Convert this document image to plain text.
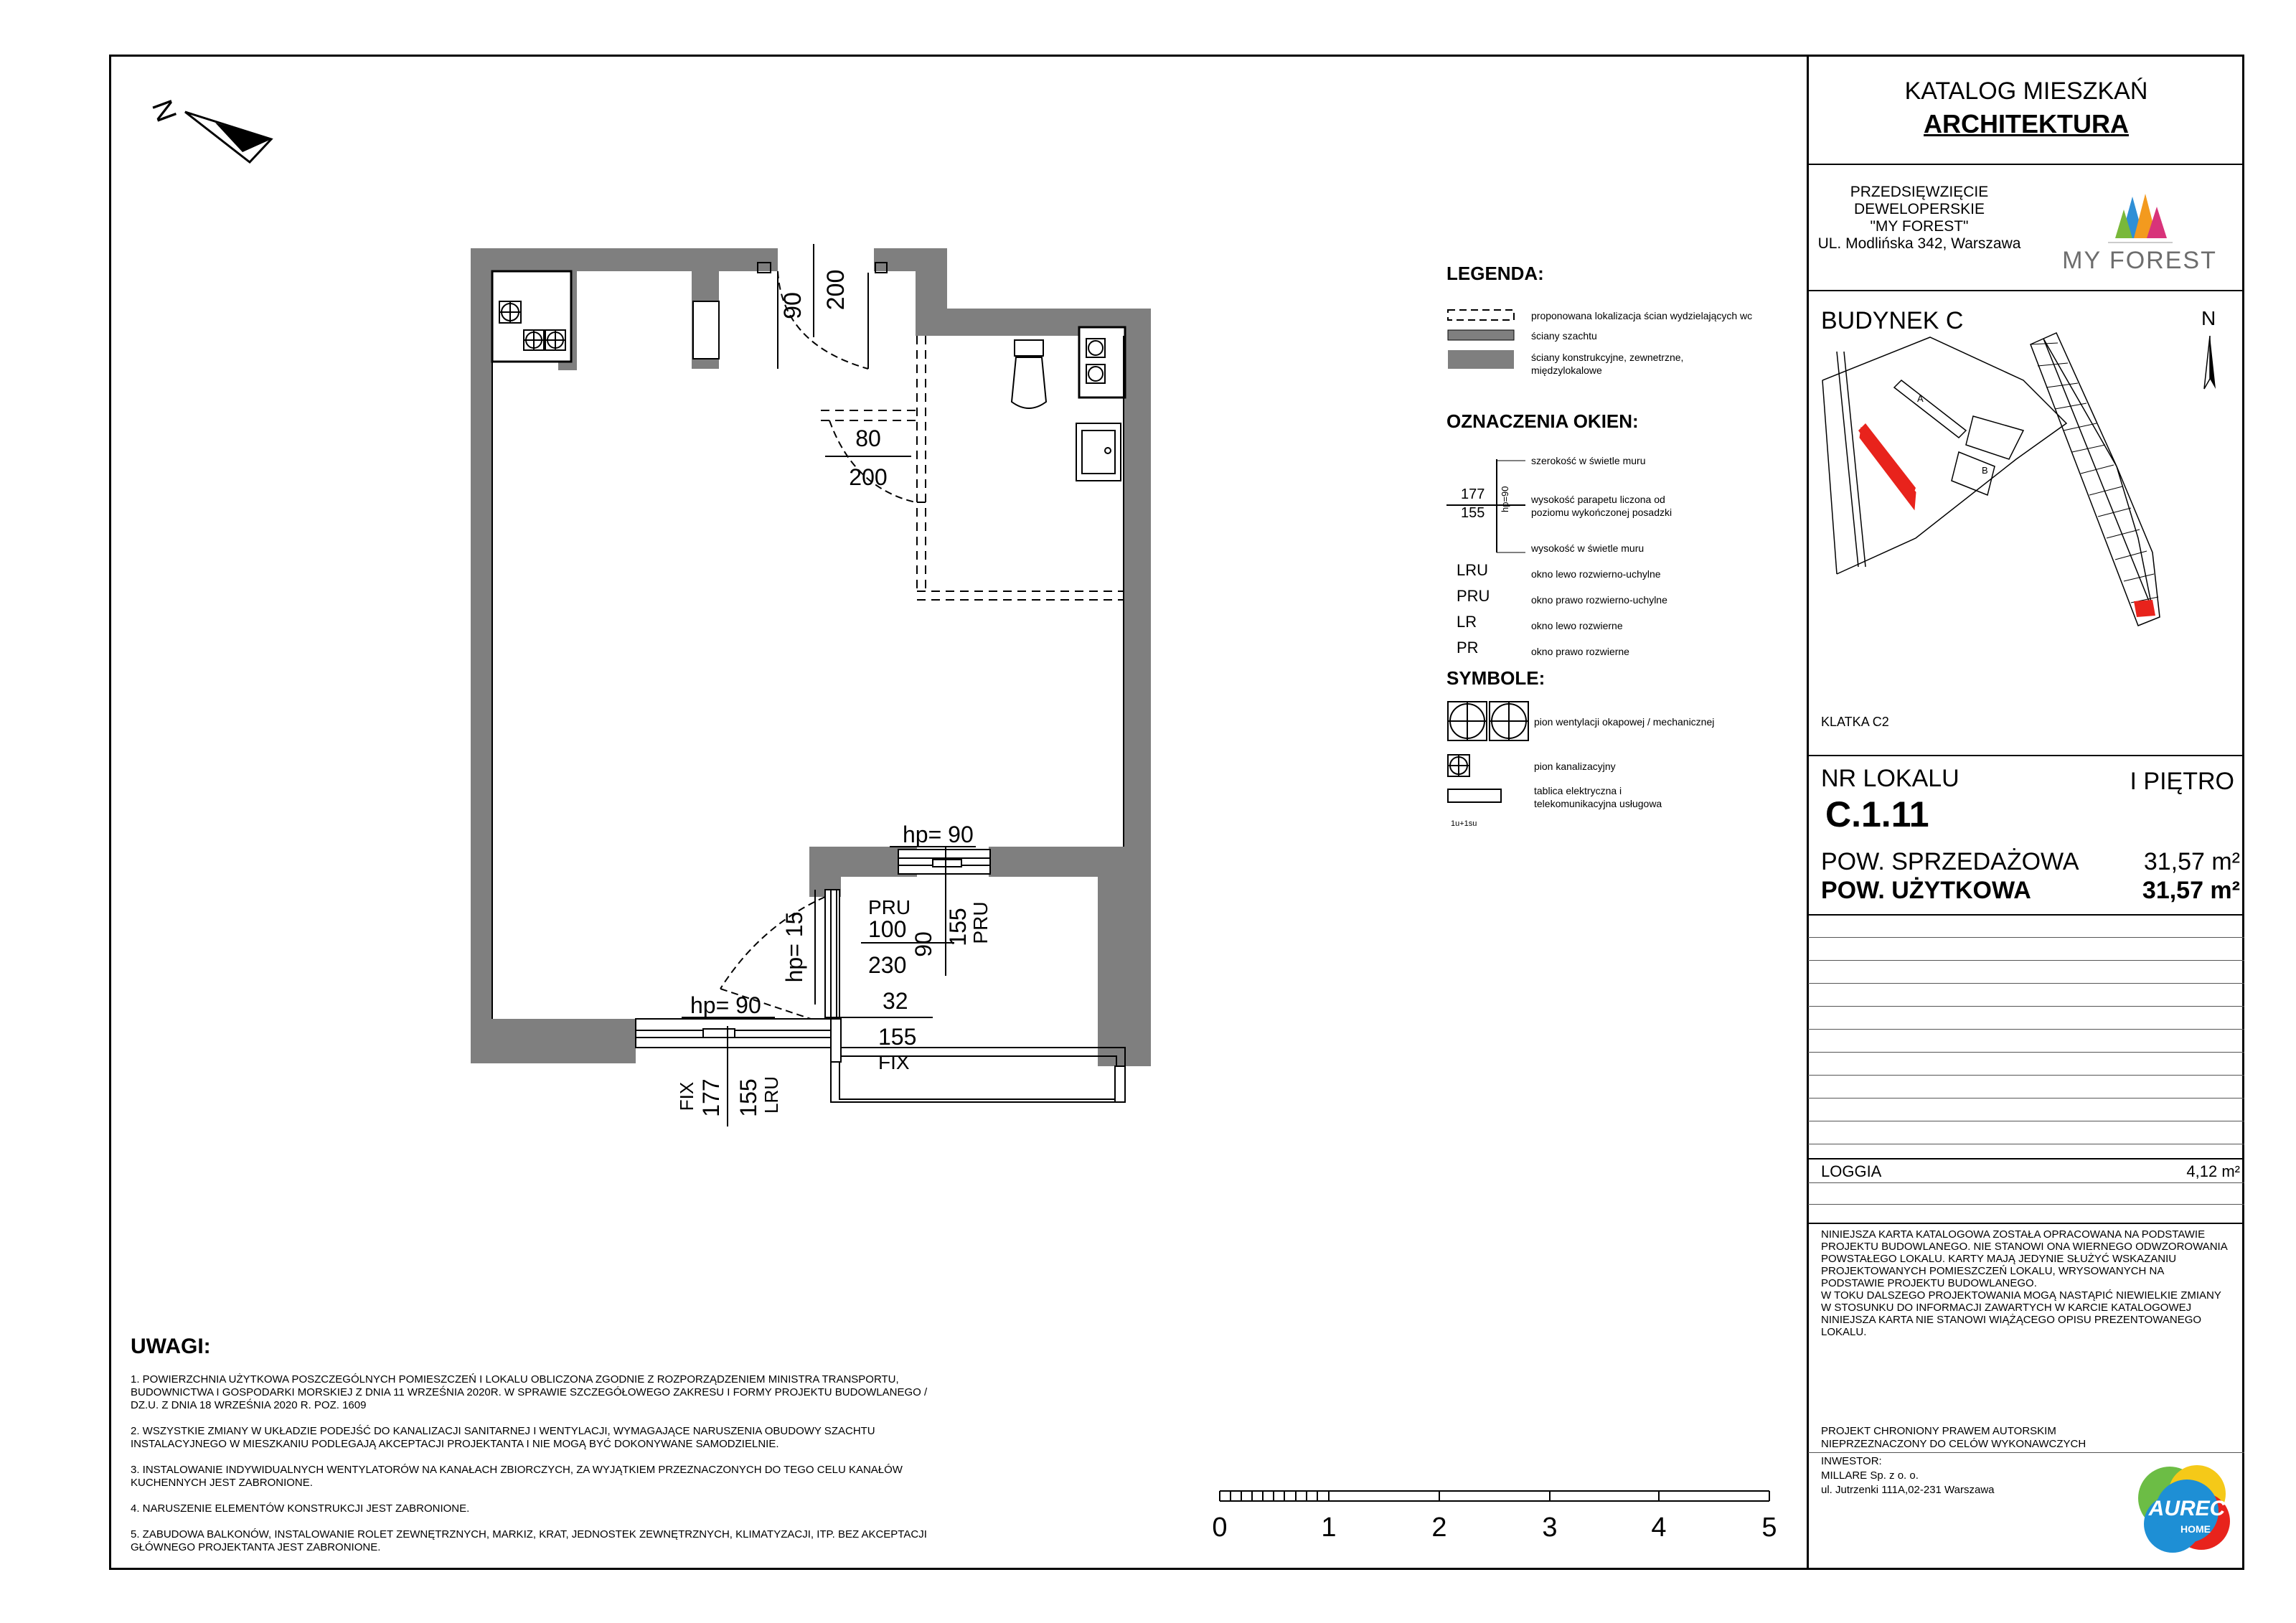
N
90 200
80
200
hp= 90
PRU
100
230
90 155
PRU
hp= 15
hp= 90	32
155
FIX
FIX 177 155 LRU
LEGENDA:
proponowana lokalizacja ścian wydzielających wc
ściany szachtu
ściany konstrukcyjne, zewnetrzne,
międzylokalowe
OZNACZENIA OKIEN:
177
155
hp=90
szerokość w świetle muru
wysokość parapetu liczona od
poziomu wykończonej posadzki
wysokość w świetle muru
LRU	okno lewo rozwierno-uchylne
PRU	okno prawo rozwierno-uchylne
LR	okno lewo rozwierne
PR	okno prawo rozwierne
SYMBOLE:
1u+1su
pion wentylacji okapowej / mechanicznej
pion kanalizacyjny
tablica elektryczna i
telekomunikacyjna usługowa
UWAGI:
1. POWIERZCHNIA UŻYTKOWA POSZCZEGÓLNYCH POMIESZCZEŃ I LOKALU OBLICZONA ZGODNIE Z ROZPORZĄDZENIEM MINISTRA TRANSPORTU, BUDOWNICTWA I GOSPODARKI MORSKIEJ Z DNIA 11 WRZEŚNIA 2020R. W SPRAWIE SZCZEGÓŁOWEGO ZAKRESU I FORMY PROJEKTU BUDOWLANEGO / DZ.U. Z DNIA 18 WRZEŚNIA 2020 R. POZ. 1609
2. WSZYSTKIE ZMIANY W UKŁADZIE PODEJŚĆ DO KANALIZACJI SANITARNEJ I WENTYLACJI, WYMAGAJĄCE NARUSZENIA OBUDOWY SZACHTU INSTALACYJNEGO W MIESZKANIU PODLEGAJĄ AKCEPTACJI PROJEKTANTA I NIE MOGĄ BYĆ DOKONYWANE SAMODZIELNIE.
3. INSTALOWANIE INDYWIDUALNYCH WENTYLATORÓW NA KANAŁACH ZBIORCZYCH, ZA WYJĄTKIEM PRZEZNACZONYCH DO TEGO CELU KANAŁÓW KUCHENNYCH JEST ZABRONIONE.
4. NARUSZENIE ELEMENTÓW KONSTRUKCJI JEST ZABRONIONE.
5. ZABUDOWA BALKONÓW, INSTALOWANIE ROLET ZEWNĘTRZNYCH, MARKIZ, KRAT, JEDNOSTEK ZEWNĘTRZNYCH, KLIMATYZACJI, ITP. BEZ AKCEPTACJI GŁÓWNEGO PROJEKTANTA JEST ZABRONIONE.
0	1	2	3	4	5
KATALOG MIESZKAŃ
ARCHITEKTURA
PRZEDSIĘWZIĘCIE
DEWELOPERSKIE
"MY FOREST"
UL. Modlińska 342, Warszawa
MY FOREST
BUDYNEK C	N
A
B
KLATKA C2
NR LOKALU	I PIĘTRO
C.1.11
POW. SPRZEDAŻOWA	31,57 m²
POW. UŻYTKOWA	31,57 m²
LOGGIA	4,12 m²
NINIEJSZA KARTA KATALOGOWA ZOSTAŁA OPRACOWANA NA PODSTAWIE
PROJEKTU BUDOWLANEGO. NIE STANOWI ONA WIERNEGO ODWZOROWANIA
POWSTAŁEGO LOKALU. KARTY MAJĄ JEDYNIE SŁUŻYĆ WSKAZANIU
PROJEKTOWANYCH POMIESZCZEŃ LOKALU, WRYSOWANYCH NA
PODSTAWIE PROJEKTU BUDOWLANEGO.
W TOKU DALSZEGO PROJEKTOWANIA MOGĄ NASTĄPIĆ NIEWIELKIE ZMIANY
W STOSUNKU DO INFORMACJI ZAWARTYCH W KARCIE KATALOGOWEJ
NINIEJSZA KARTA NIE STANOWI WIĄŻĄCEGO OPISU PREZENTOWANEGO
LOKALU.
PROJEKT CHRONIONY PRAWEM AUTORSKIM
NIEPRZEZNACZONY DO CELÓW WYKONAWCZYCH
INWESTOR:
MILLARE Sp. z o. o.
ul. Jutrzenki 111A,02-231 Warszawa
AUREC
HOME
